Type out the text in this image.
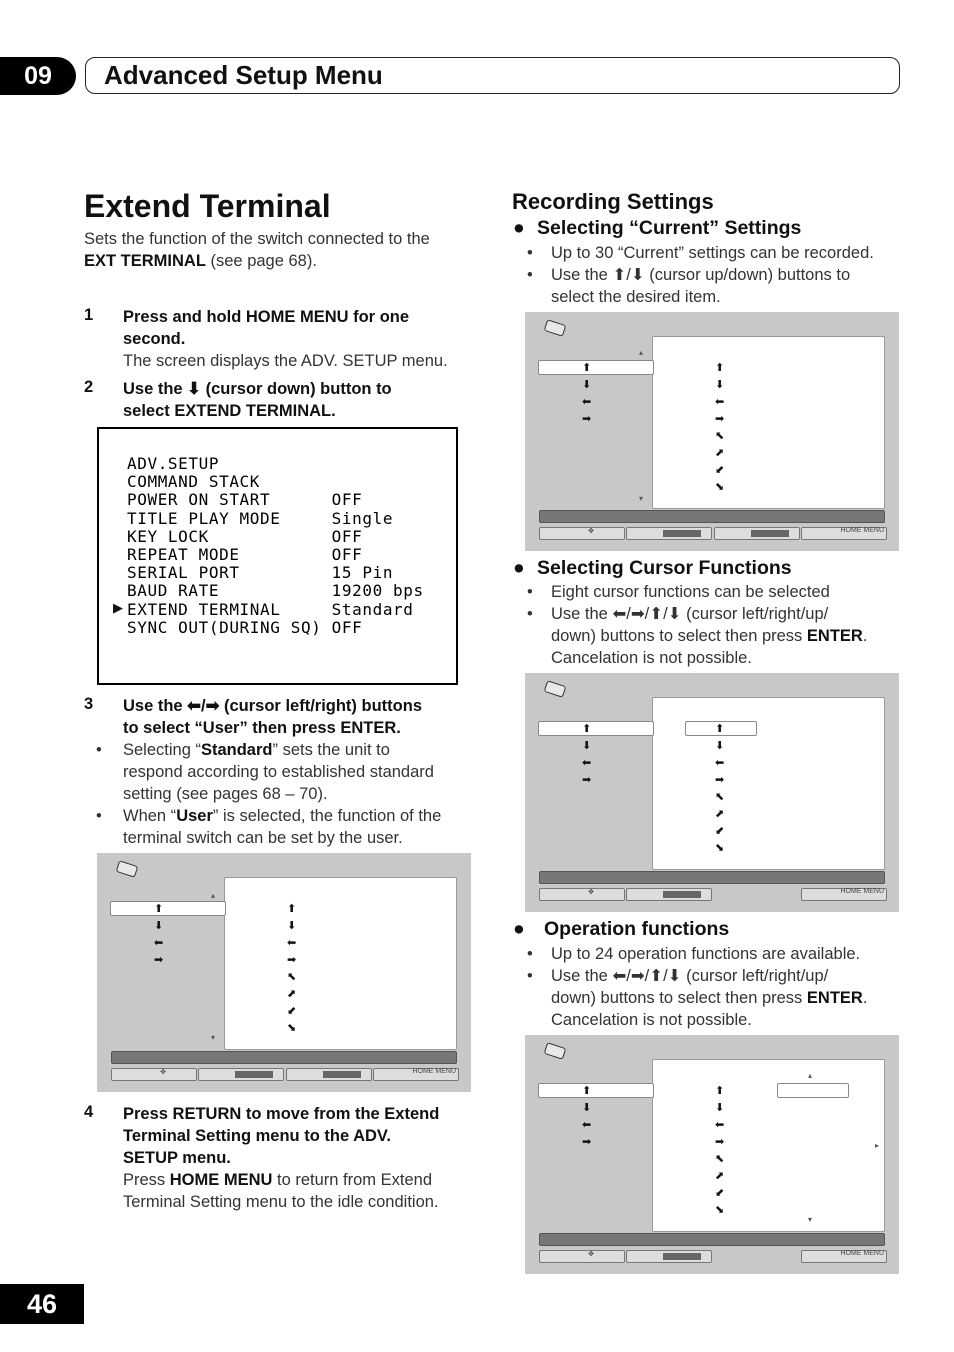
09	Advanced Setup Menu
Extend Terminal
Sets the function of the switch connected to the
EXT TERMINAL (see page 68).
1 Press and hold HOME MENU for one
second.
The screen displays the ADV. SETUP menu.
2 Use the ⬇ (cursor down) button to
select EXTEND TERMINAL.
ADV.SETUP
COMMAND STACK
POWER ON START      OFF
TITLE PLAY MODE     Single
KEY LOCK            OFF
REPEAT MODE         OFF
SERIAL PORT         15 Pin
BAUD RATE           19200 bps
EXTEND TERMINAL     Standard
SYNC OUT(DURING SQ) OFF
▶
3 Use the ⬅/➡ (cursor left/right) buttons
to select “User” then press ENTER.
• Selecting “Standard” sets the unit to
respond according to established standard
setting (see pages 68 – 70).
• When “User” is selected, the function of the
terminal switch can be set by the user.
▴
▾
⬆
⬇
⬅
➡
⬆
⬇
⬅
➡
⬉
⬈
⬋
⬊
✥	HOME MENU
4 Press RETURN to move from the Extend
Terminal Setting menu to the ADV.
SETUP menu.
Press HOME MENU to return from Extend
Terminal Setting menu to the idle condition.
Recording Settings
● Selecting “Current” Settings
• Up to 30 “Current” settings can be recorded.
• Use the ⬆/⬇ (cursor up/down) buttons to
select the desired item.
▴
▾
⬆
⬇
⬅
➡
⬆
⬇
⬅
➡
⬉
⬈
⬋
⬊
✥	HOME MENU
● Selecting Cursor Functions
• Eight cursor functions can be selected
• Use the ⬅/➡/⬆/⬇ (cursor left/right/up/
down) buttons to select then press ENTER.
Cancelation is not possible.
⬆
⬇
⬅
➡
⬆
⬇
⬅
➡
⬉
⬈
⬋
⬊
✥	HOME MENU
● Operation functions
• Up to 24 operation functions are available.
• Use the ⬅/➡/⬆/⬇ (cursor left/right/up/
down) buttons to select then press ENTER.
Cancelation is not possible.
▴
▾
▸
⬆
⬇
⬅
➡
⬆
⬇
⬅
➡
⬉
⬈
⬋
⬊
✥	HOME MENU
46
